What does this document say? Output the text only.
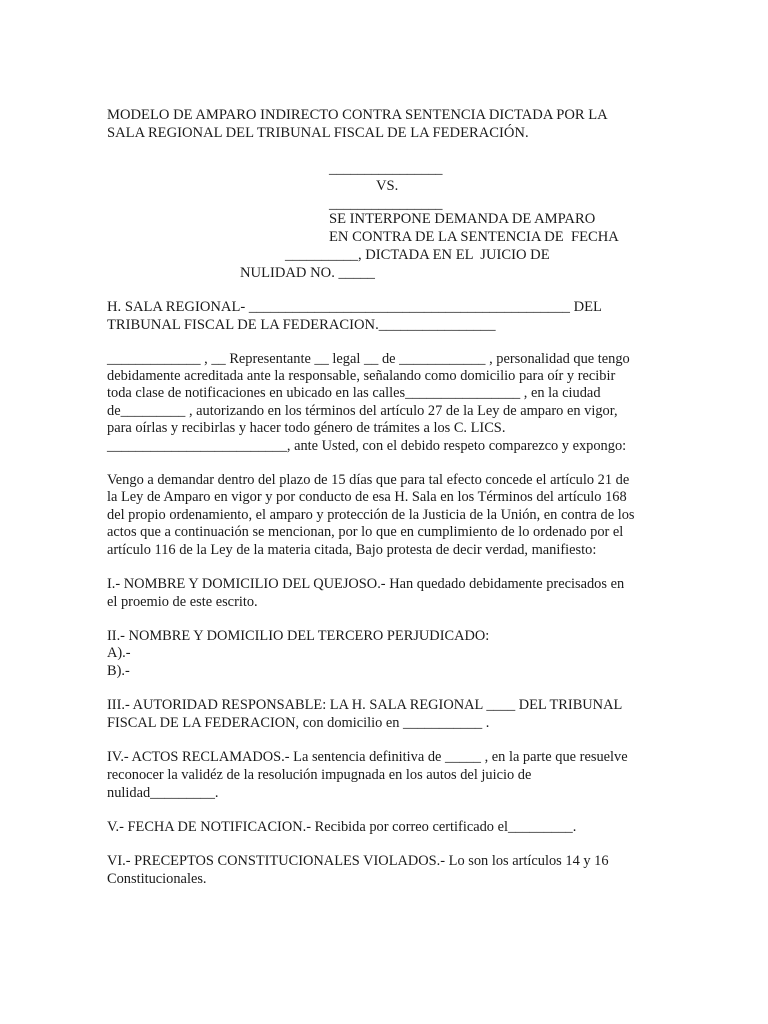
MODELO DE AMPARO INDIRECTO CONTRA SENTENCIA DICTADA POR LA

SALA REGIONAL DEL TRIBUNAL FISCAL DE LA FEDERACIÓN.

________________

VS.

________________

SE INTERPONE DEMANDA DE AMPARO

EN CONTRA DE LA SENTENCIA DE  FECHA

__________, DICTADA EN EL  JUICIO DE

NULIDAD NO. _____

H. SALA REGIONAL- ____________________________________________ DEL

TRIBUNAL FISCAL DE LA FEDERACION.________________

_____________ , __ Representante __ legal __ de ____________ , personalidad que tengo

debidamente acreditada ante la responsable, señalando como domicilio para oír y recibir

toda clase de notificaciones en ubicado en las calles________________ , en la ciudad

de_________ , autorizando en los términos del artículo 27 de la Ley de amparo en vigor,

para oírlas y recibirlas y hacer todo género de trámites a los C. LICS.

_________________________, ante Usted, con el debido respeto comparezco y expongo:

Vengo a demandar dentro del plazo de 15 días que para tal efecto concede el artículo 21 de

la Ley de Amparo en vigor y por conducto de esa H. Sala en los Términos del artículo 168

del propio ordenamiento, el amparo y protección de la Justicia de la Unión, en contra de los

actos que a continuación se mencionan, por lo que en cumplimiento de lo ordenado por el

artículo 116 de la Ley de la materia citada, Bajo protesta de decir verdad, manifiesto:

I.- NOMBRE Y DOMICILIO DEL QUEJOSO.- Han quedado debidamente precisados en

el proemio de este escrito.

II.- NOMBRE Y DOMICILIO DEL TERCERO PERJUDICADO:

A).-

B).-

III.- AUTORIDAD RESPONSABLE: LA H. SALA REGIONAL ____ DEL TRIBUNAL

FISCAL DE LA FEDERACION, con domicilio en ___________ .

IV.- ACTOS RECLAMADOS.- La sentencia definitiva de _____ , en la parte que resuelve

reconocer la validéz de la resolución impugnada en los autos del juicio de

nulidad_________.

V.- FECHA DE NOTIFICACION.- Recibida por correo certificado el_________.

VI.- PRECEPTOS CONSTITUCIONALES VIOLADOS.- Lo son los artículos 14 y 16

Constitucionales.
